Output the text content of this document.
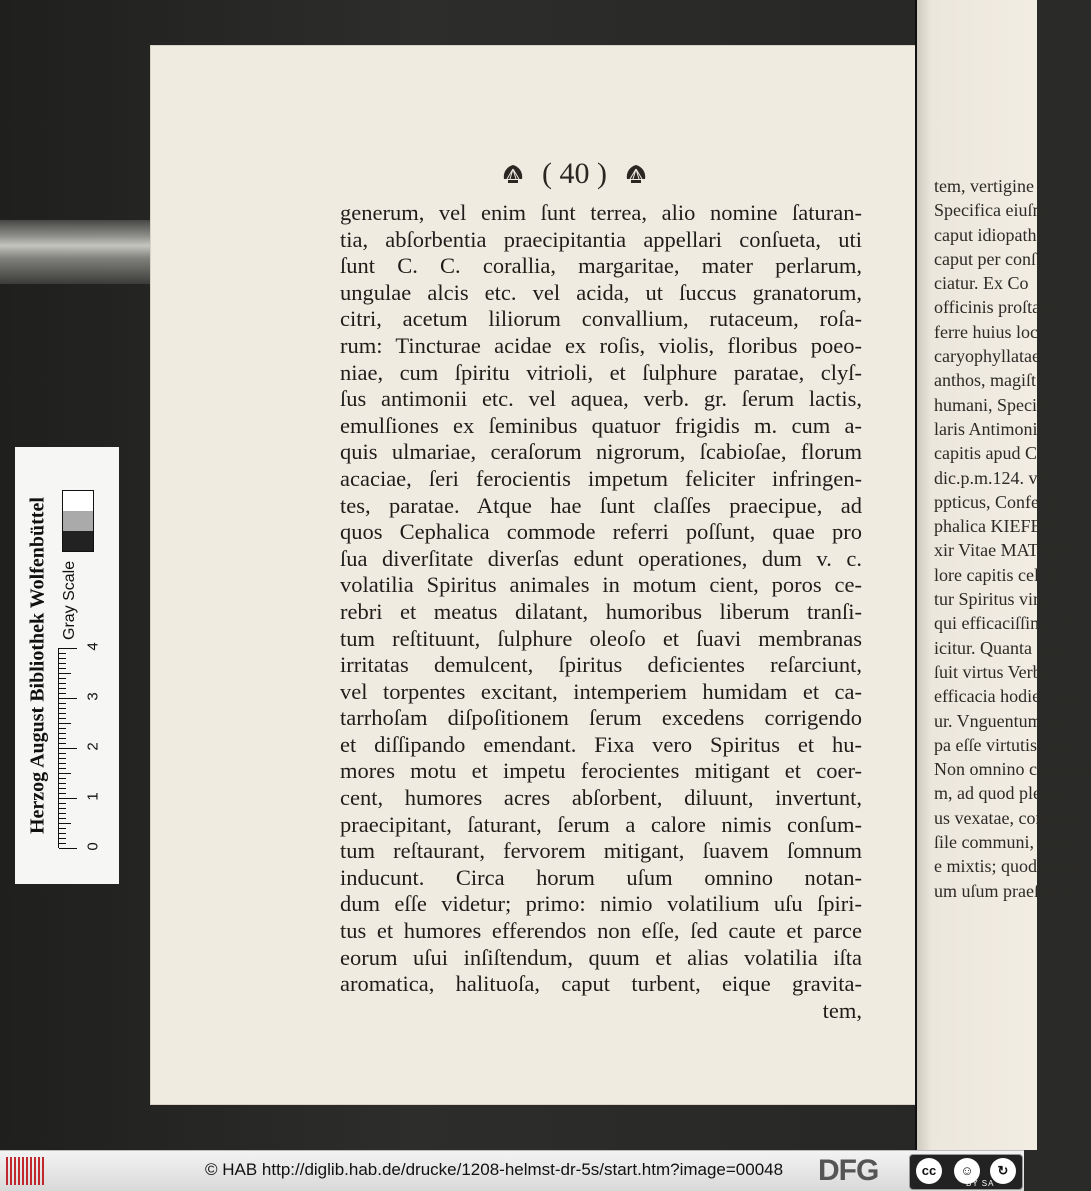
( 40 )
generum, vel enim ſunt terrea, alio nomine ſaturan-
tia, abſorbentia praecipitantia appellari conſueta, uti
ſunt C. C. corallia, margaritae, mater perlarum,
ungulae alcis etc. vel acida, ut ſuccus granatorum,
citri, acetum liliorum convallium, rutaceum, roſa-
rum: Tincturae acidae ex roſis, violis, floribus poeo-
niae, cum ſpiritu vitrioli, et ſulphure paratae, clyſ-
ſus antimonii etc. vel aquea, verb. gr. ſerum lactis,
emulſiones ex ſeminibus quatuor frigidis m. cum a-
quis ulmariae, ceraſorum nigrorum, ſcabioſae, florum
acaciae, ſeri ferocientis impetum feliciter infringen-
tes, paratae. Atque hae ſunt claſſes praecipue, ad
quos Cephalica commode referri poſſunt, quae pro
ſua diverſitate diverſas edunt operationes, dum v. c.
volatilia Spiritus animales in motum cient, poros ce-
rebri et meatus dilatant, humoribus liberum tranſi-
tum reſtituunt, ſulphure oleoſo et ſuavi membranas
irritatas demulcent, ſpiritus deficientes reſarciunt,
vel torpentes excitant, intemperiem humidam et ca-
tarrhoſam diſpoſitionem ſerum excedens corrigendo
et diſſipando emendant. Fixa vero Spiritus et hu-
mores motu et impetu ferocientes mitigant et coer-
cent, humores acres abſorbent, diluunt, invertunt,
praecipitant, ſaturant, ſerum a calore nimis conſum-
tum reſtaurant, fervorem mitigant, ſuavem ſomnum
inducunt. Circa horum uſum omnino notan-
dum eſſe videtur; primo: nimio volatilium uſu ſpiri-
tus et humores efferendos non eſſe, ſed caute et parce
eorum uſui inſiſtendum, quum et alias volatilia iſta
aromatica, halituoſa, caput turbent, eique gravita-
tem,
tem, vertigine
Specifica eiuſm
caput idiopath
caput per conſ
ciatur. Ex Co
officinis proſtant
ferre huius loci
caryophyllatae,
anthos, magiſt
humani, Specifi
laris Antimonii,
capitis apud Cl.
dic.p.m.124. vid
ppticus, Confectio
phalica KIEFERI
xir Vitae MATHIO
lore capitis celebra
tur Spiritus vini
qui efficaciſſimos d
icitur. Quanta olim
ſuit virtus Verbe
efficacia hodie a ple
ur. Vnguentum ala
pa eſſe virtutis, prae
Non omnino contemn
m, ad quod plerae
us vexatae, confugiu
ſile communi, bacci
e mixtis; quod fronti
um uſum praeſtat; P
Herzog August Bibliothek Wolfenbüttel Gray Scale
0
1
2
3
4
© HAB http://diglib.hab.de/drucke/1208-helmst-dr-5s/start.htm?image=00048 DFG	cc	☺	↻
BY SA
